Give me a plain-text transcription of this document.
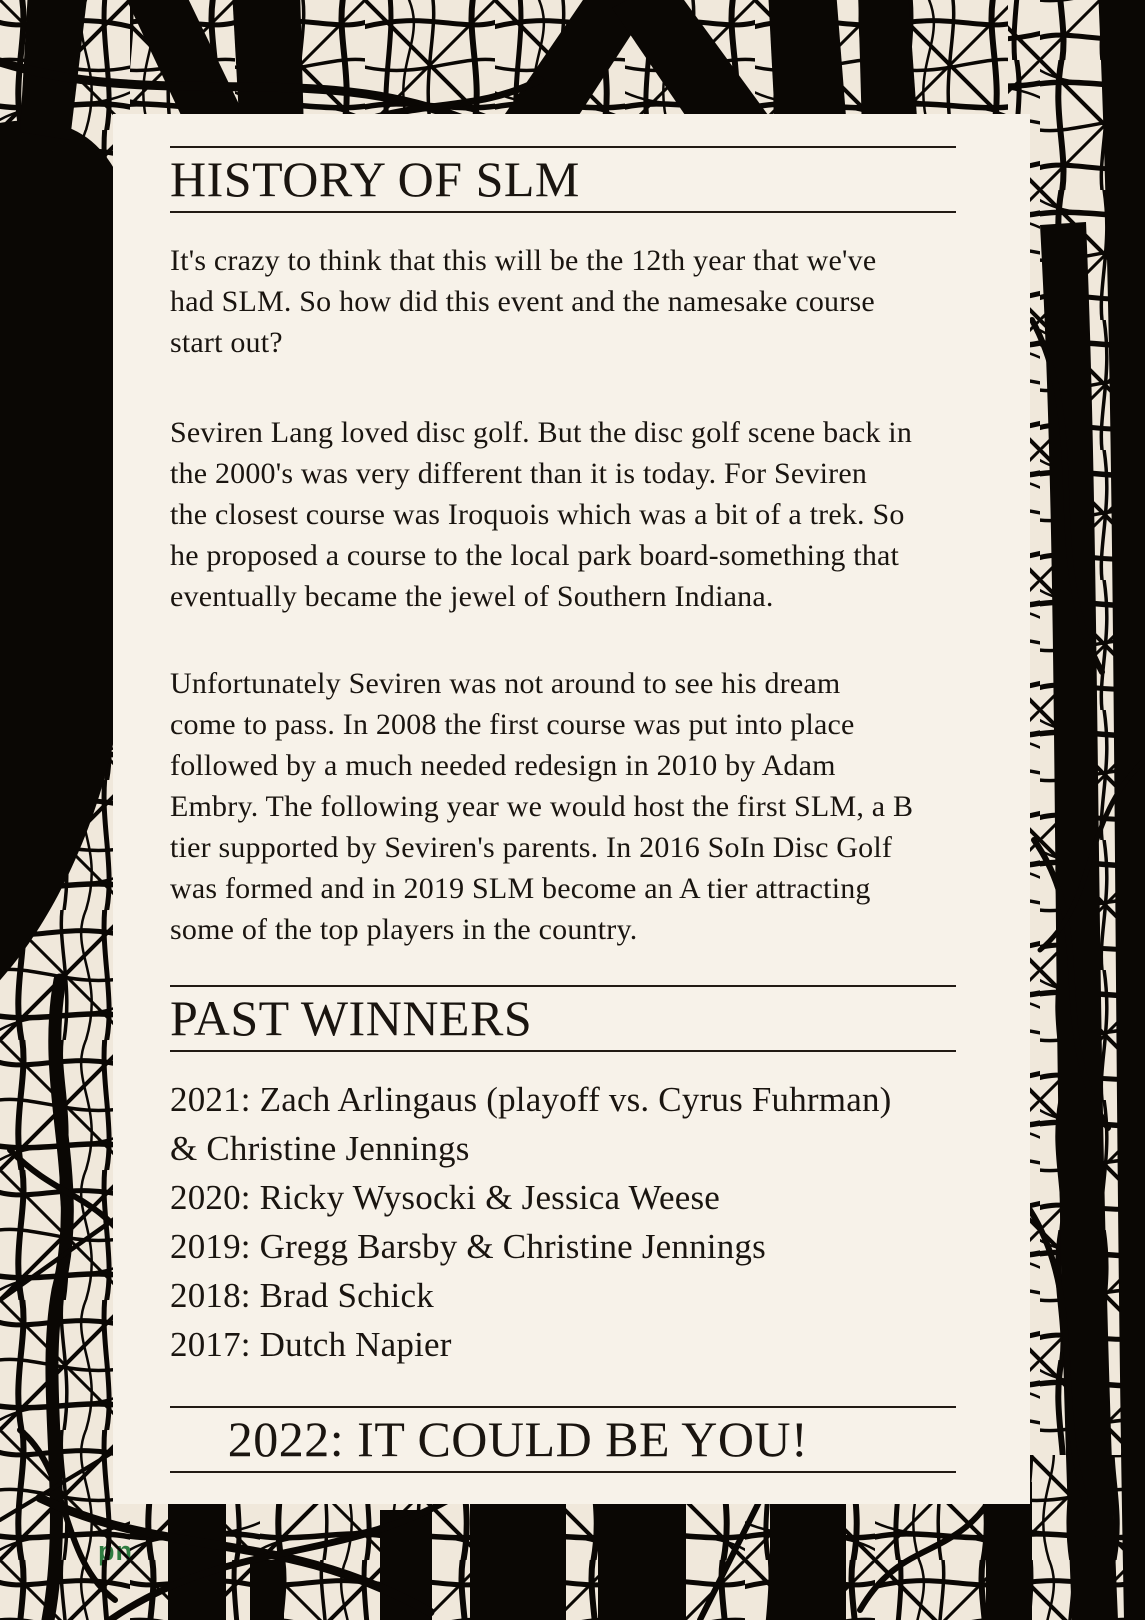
pn
HISTORY OF SLM

It's crazy to think that this will be the 12th year that we've
had SLM. So how did this event and the namesake course
start out?

Seviren Lang loved disc golf. But the disc golf scene back in
the 2000's was very different than it is today. For Seviren
the closest course was Iroquois which was a bit of a trek. So
he proposed a course to the local park board-something that
eventually became the jewel of Southern Indiana.

Unfortunately Seviren was not around to see his dream
come to pass. In 2008 the first course was put into place
followed by a much needed redesign in 2010 by Adam
Embry. The following year we would host the first SLM, a B
tier supported by Seviren's parents. In 2016 SoIn Disc Golf
was formed and in 2019 SLM become an A tier attracting
some of the top players in the country.

PAST WINNERS
2021: Zach Arlingaus (playoff vs. Cyrus Fuhrman)
& Christine Jennings
2020: Ricky Wysocki & Jessica Weese
2019: Gregg Barsby & Christine Jennings
2018: Brad Schick
2017: Dutch Napier
2022: IT COULD BE YOU!
